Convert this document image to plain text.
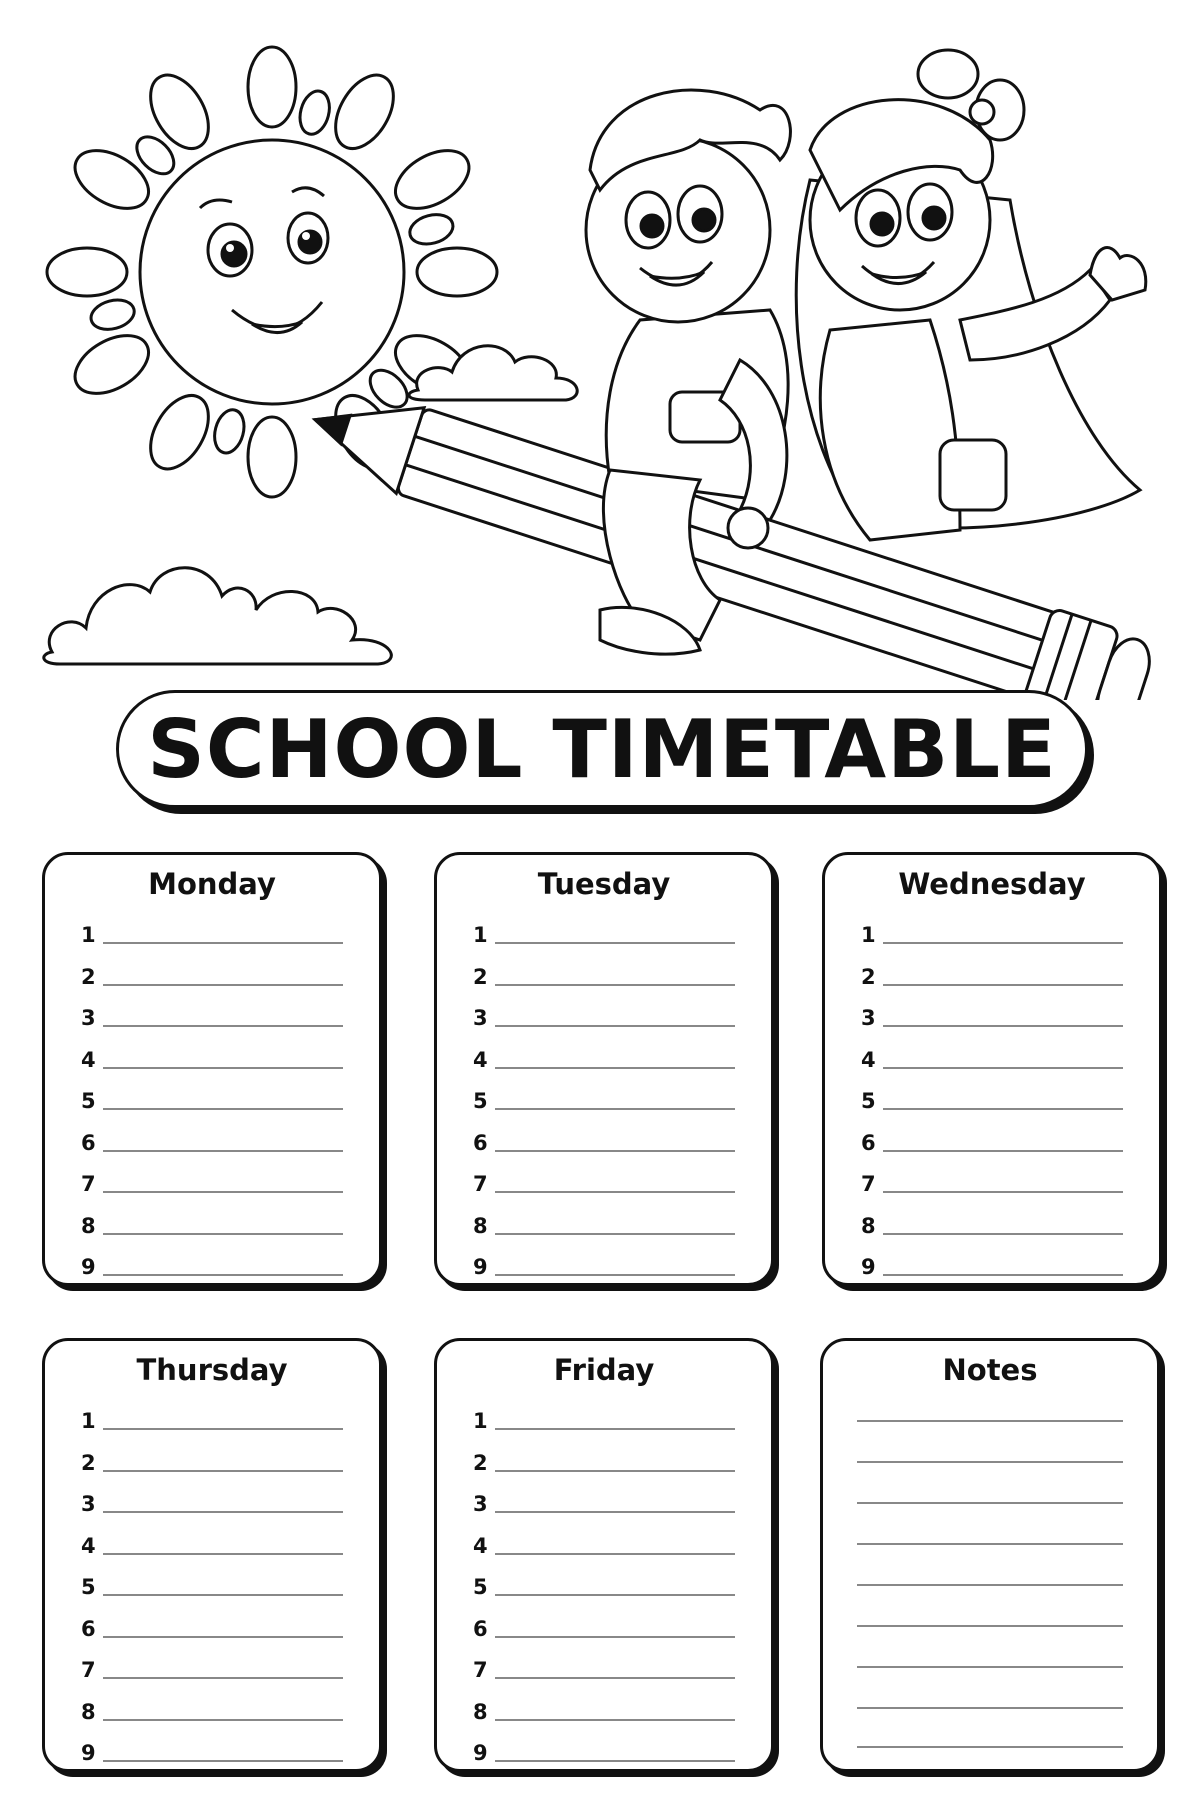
SCHOOL TIMETABLE
Monday
1
2
3
4
5
6
7
8
9
Tuesday
1
2
3
4
5
6
7
8
9
Wednesday
1
2
3
4
5
6
7
8
9
Thursday
1
2
3
4
5
6
7
8
9
Friday
1
2
3
4
5
6
7
8
9
Notes
